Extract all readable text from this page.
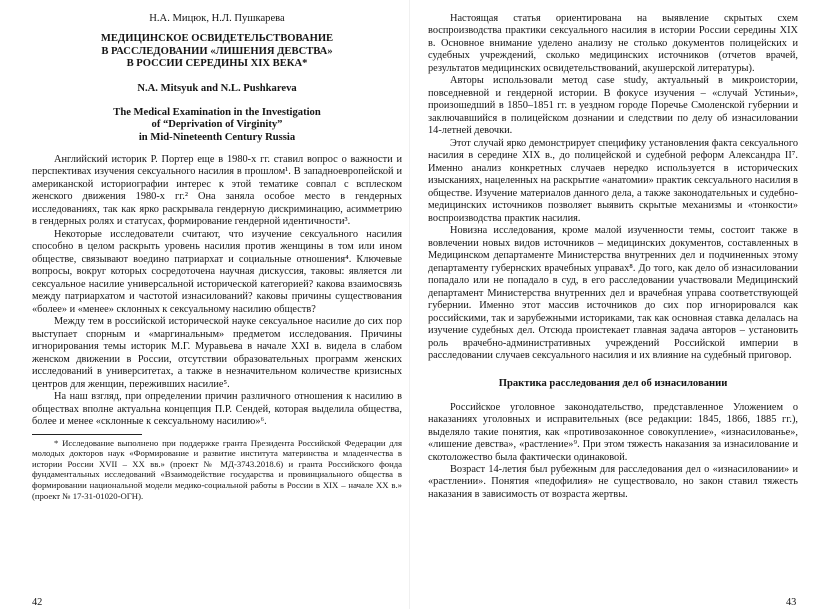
Н.А. Мицюк, Н.Л. Пушкарева
МЕДИЦИНСКОЕ ОСВИДЕТЕЛЬСТВОВАНИЕ
В РАССЛЕДОВАНИИ «ЛИШЕНИЯ ДЕВСТВА»
В РОССИИ СЕРЕДИНЫ XIX ВЕКА*
N.A. Mitsyuk and N.L. Pushkareva
The Medical Examination in the Investigation
of “Deprivation of Virginity”
in Mid-Nineteenth Century Russia

Английский историк Р. Портер еще в 1980-х гг. ставил вопрос о важности и перспективах изучения сексуального насилия в прошлом¹. В западноевропейской и американской историографии интерес к этой тематике совпал с всплеском женского движения 1980-х гг.² Она заняла особое место в гендерных исследованиях, так как ярко раскрывала гендерную дискриминацию, асимметрию в гендерных ролях и статусах, формирование гендерной идентичности³.

Некоторые исследователи считают, что изучение сексуального насилия способно в целом раскрыть уровень насилия против женщины в том или ином обществе, связывают воедино патриархат и социальные отношения⁴. Ключевые вопросы, вокруг которых сосредоточена научная дискуссия, таковы: является ли сексуальное насилие универсальной исторической категорией? какова взаимосвязь между патриархатом и частотой изнасилований? каковы причины существования «более» и «менее» склонных к сексуальному насилию обществ?

Между тем в российской исторической науке сексуальное насилие до сих пор выступает спорным и «маргинальным» предметом исследования. Причины игнорирования темы историк М.Г. Муравьева в начале XXI в. видела в слабом женском движении в России, отсутствии образовательных программ женских исследований в университетах, а также в незначительном количестве кризисных центров для женщин, переживших насилие⁵.

На наш взгляд, при определении причин различного отношения к насилию в обществах вполне актуальна концепция П.Р. Сендей, которая выделила общества, более и менее «склонные к сексуальному насилию»⁶.

* Исследование выполнено при поддержке гранта Президента Российской Федерации для молодых докторов наук «Формирование и развитие института материнства и младенчества в истории России XVII – XX вв.» (проект № МД-3743.2018.6) и гранта Российского фонда фундаментальных исследований «Взаимодействие государства и провинциального общества в формировании национальной модели медико-социальной работы в России в XIX – начале XX в.» (проект № 17-31-01020-ОГН).

Настоящая статья ориентирована на выявление скрытых схем воспроизводства практики сексуального насилия в истории России середины XIX в. Основное внимание уделено анализу не столько документов полицейских и судебных учреждений, сколько медицинских источников (отчетов врачей, результатов медицинских освидетельствований, акушерской литературы).

Авторы использовали метод case study, актуальный в микроистории, повседневной и гендерной истории. В фокусе изучения – «случай Устиньи», произошедший в 1850–1851 гг. в уездном городе Поречье Смоленской губернии и заключавшийся в полицейском дознании и следствии по делу об изнасиловании 14-летней девочки.

Этот случай ярко демонстрирует специфику установления факта сексуального насилия в середине XIX в., до полицейской и судебной реформ Александра II⁷. Именно анализ конкретных случаев нередко используется в исторических изысканиях, нацеленных на раскрытие «анатомии» практик сексуального насилия в обществе. Изучение материалов данного дела, а также законодательных и судебно-медицинских источников позволяет выявить скрытые механизмы и «тонкости» воспроизводства практик насилия.

Новизна исследования, кроме малой изученности темы, состоит также в вовлечении новых видов источников – медицинских документов, составленных в Медицинском департаменте Министерства внутренних дел и подчиненных этому департаменту губернских врачебных управах⁸. До того, как дело об изнасиловании попадало или не попадало в суд, в его расследовании участвовали Медицинский департамент Министерства внутренних дел и врачебная управа соответствующей губернии. Именно этот массив источников до сих пор игнорировался как российскими, так и зарубежными историками, так как основная ставка делалась на изучение судебных дел. Отсюда проистекает главная задача авторов – установить роль врачебно-административных учреждений Российской империи в расследовании случаев сексуального насилия и их влияние на судебный приговор.

Практика расследования дел об изнасиловании

Российское уголовное законодательство, представленное Уложением о наказаниях уголовных и исправительных (все редакции: 1845, 1866, 1885 гг.), выделяло такие понятия, как «противозаконное совокупление», «изнасилованье», «лишение девства», «растление»⁹. При этом тяжесть наказания за изнасилование и скотоложество была фактически одинаковой.

Возраст 14-летия был рубежным для расследования дел о «изнасиловании» и «растлении». Понятия «педофилия» не существовало, но закон ставил тяжесть наказания в зависимость от возраста жертвы.

42	43
